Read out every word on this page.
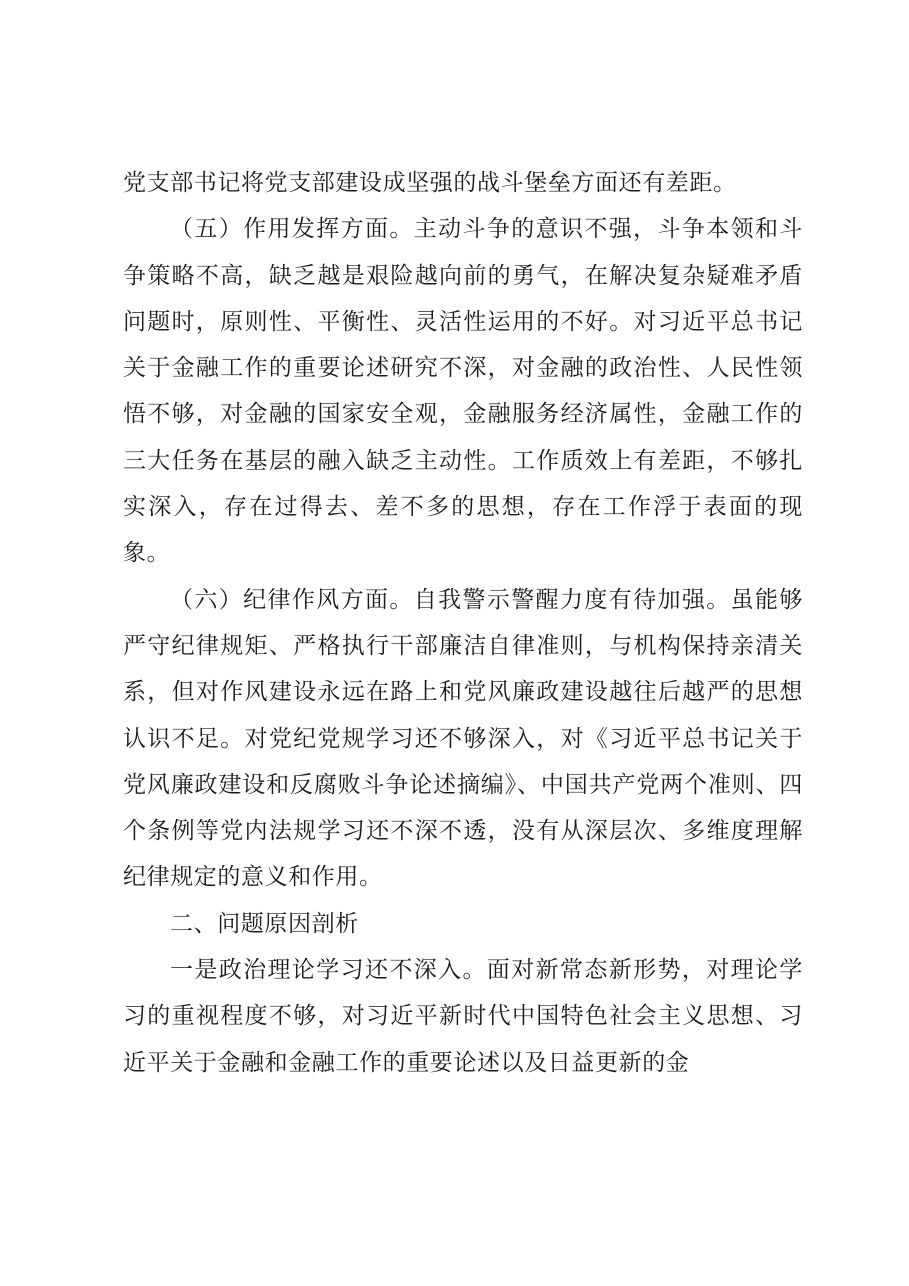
党支部书记将党支部建设成坚强的战斗堡垒方面还有差距。

（五）作用发挥方面。主动斗争的意识不强，斗争本领和斗争策略不高，缺乏越是艰险越向前的勇气，在解决复杂疑难矛盾问题时，原则性、平衡性、灵活性运用的不好。对习近平总书记关于金融工作的重要论述研究不深，对金融的政治性、人民性领悟不够，对金融的国家安全观，金融服务经济属性，金融工作的三大任务在基层的融入缺乏主动性。工作质效上有差距，不够扎实深入，存在过得去、差不多的思想，存在工作浮于表面的现象。

（六）纪律作风方面。自我警示警醒力度有待加强。虽能够严守纪律规矩、严格执行干部廉洁自律准则，与机构保持亲清关系，但对作风建设永远在路上和党风廉政建设越往后越严的思想认识不足。对党纪党规学习还不够深入，对《习近平总书记关于党风廉政建设和反腐败斗争论述摘编》、中国共产党两个准则、四个条例等党内法规学习还不深不透，没有从深层次、多维度理解纪律规定的意义和作用。

二、问题原因剖析

一是政治理论学习还不深入。面对新常态新形势，对理论学习的重视程度不够，对习近平新时代中国特色社会主义思想、习近平关于金融和金融工作的重要论述以及日益更新的金
